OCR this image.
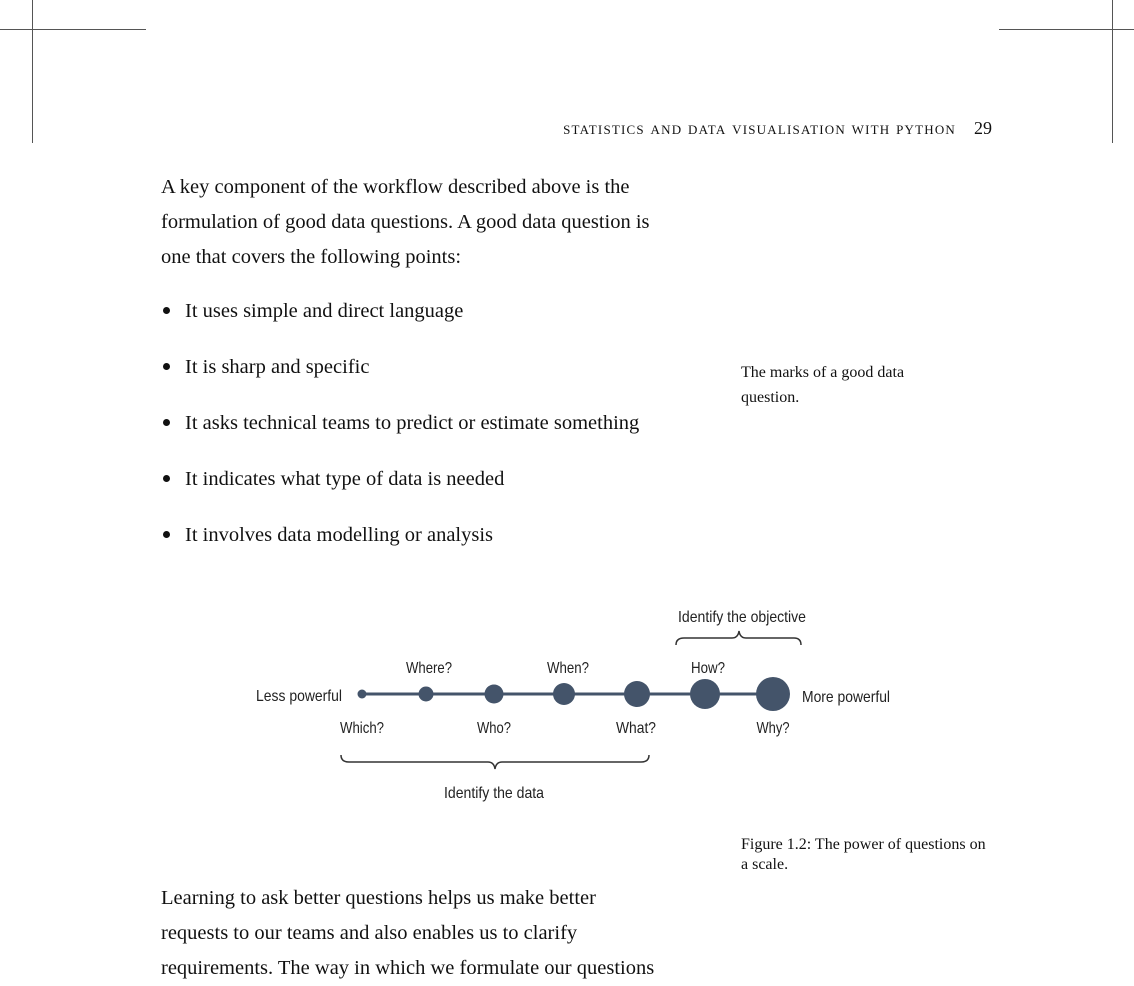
statistics and data visualisation with python 29
A key component of the workflow described above is the
formulation of good data questions. A good data question is
one that covers the following points:
It uses simple and direct language
It is sharp and specific
It asks technical teams to predict or estimate something
It indicates what type of data is needed
It involves data modelling or analysis
The marks of a good data question.
Identify the objective
Less powerful	More powerful
Which?
Where?
Who?
When?
What?
How?
Why?
Identify the data
Figure 1.2: The power of questions on a scale.
Learning to ask better questions helps us make better
requests to our teams and also enables us to clarify
requirements. The way in which we formulate our questions
